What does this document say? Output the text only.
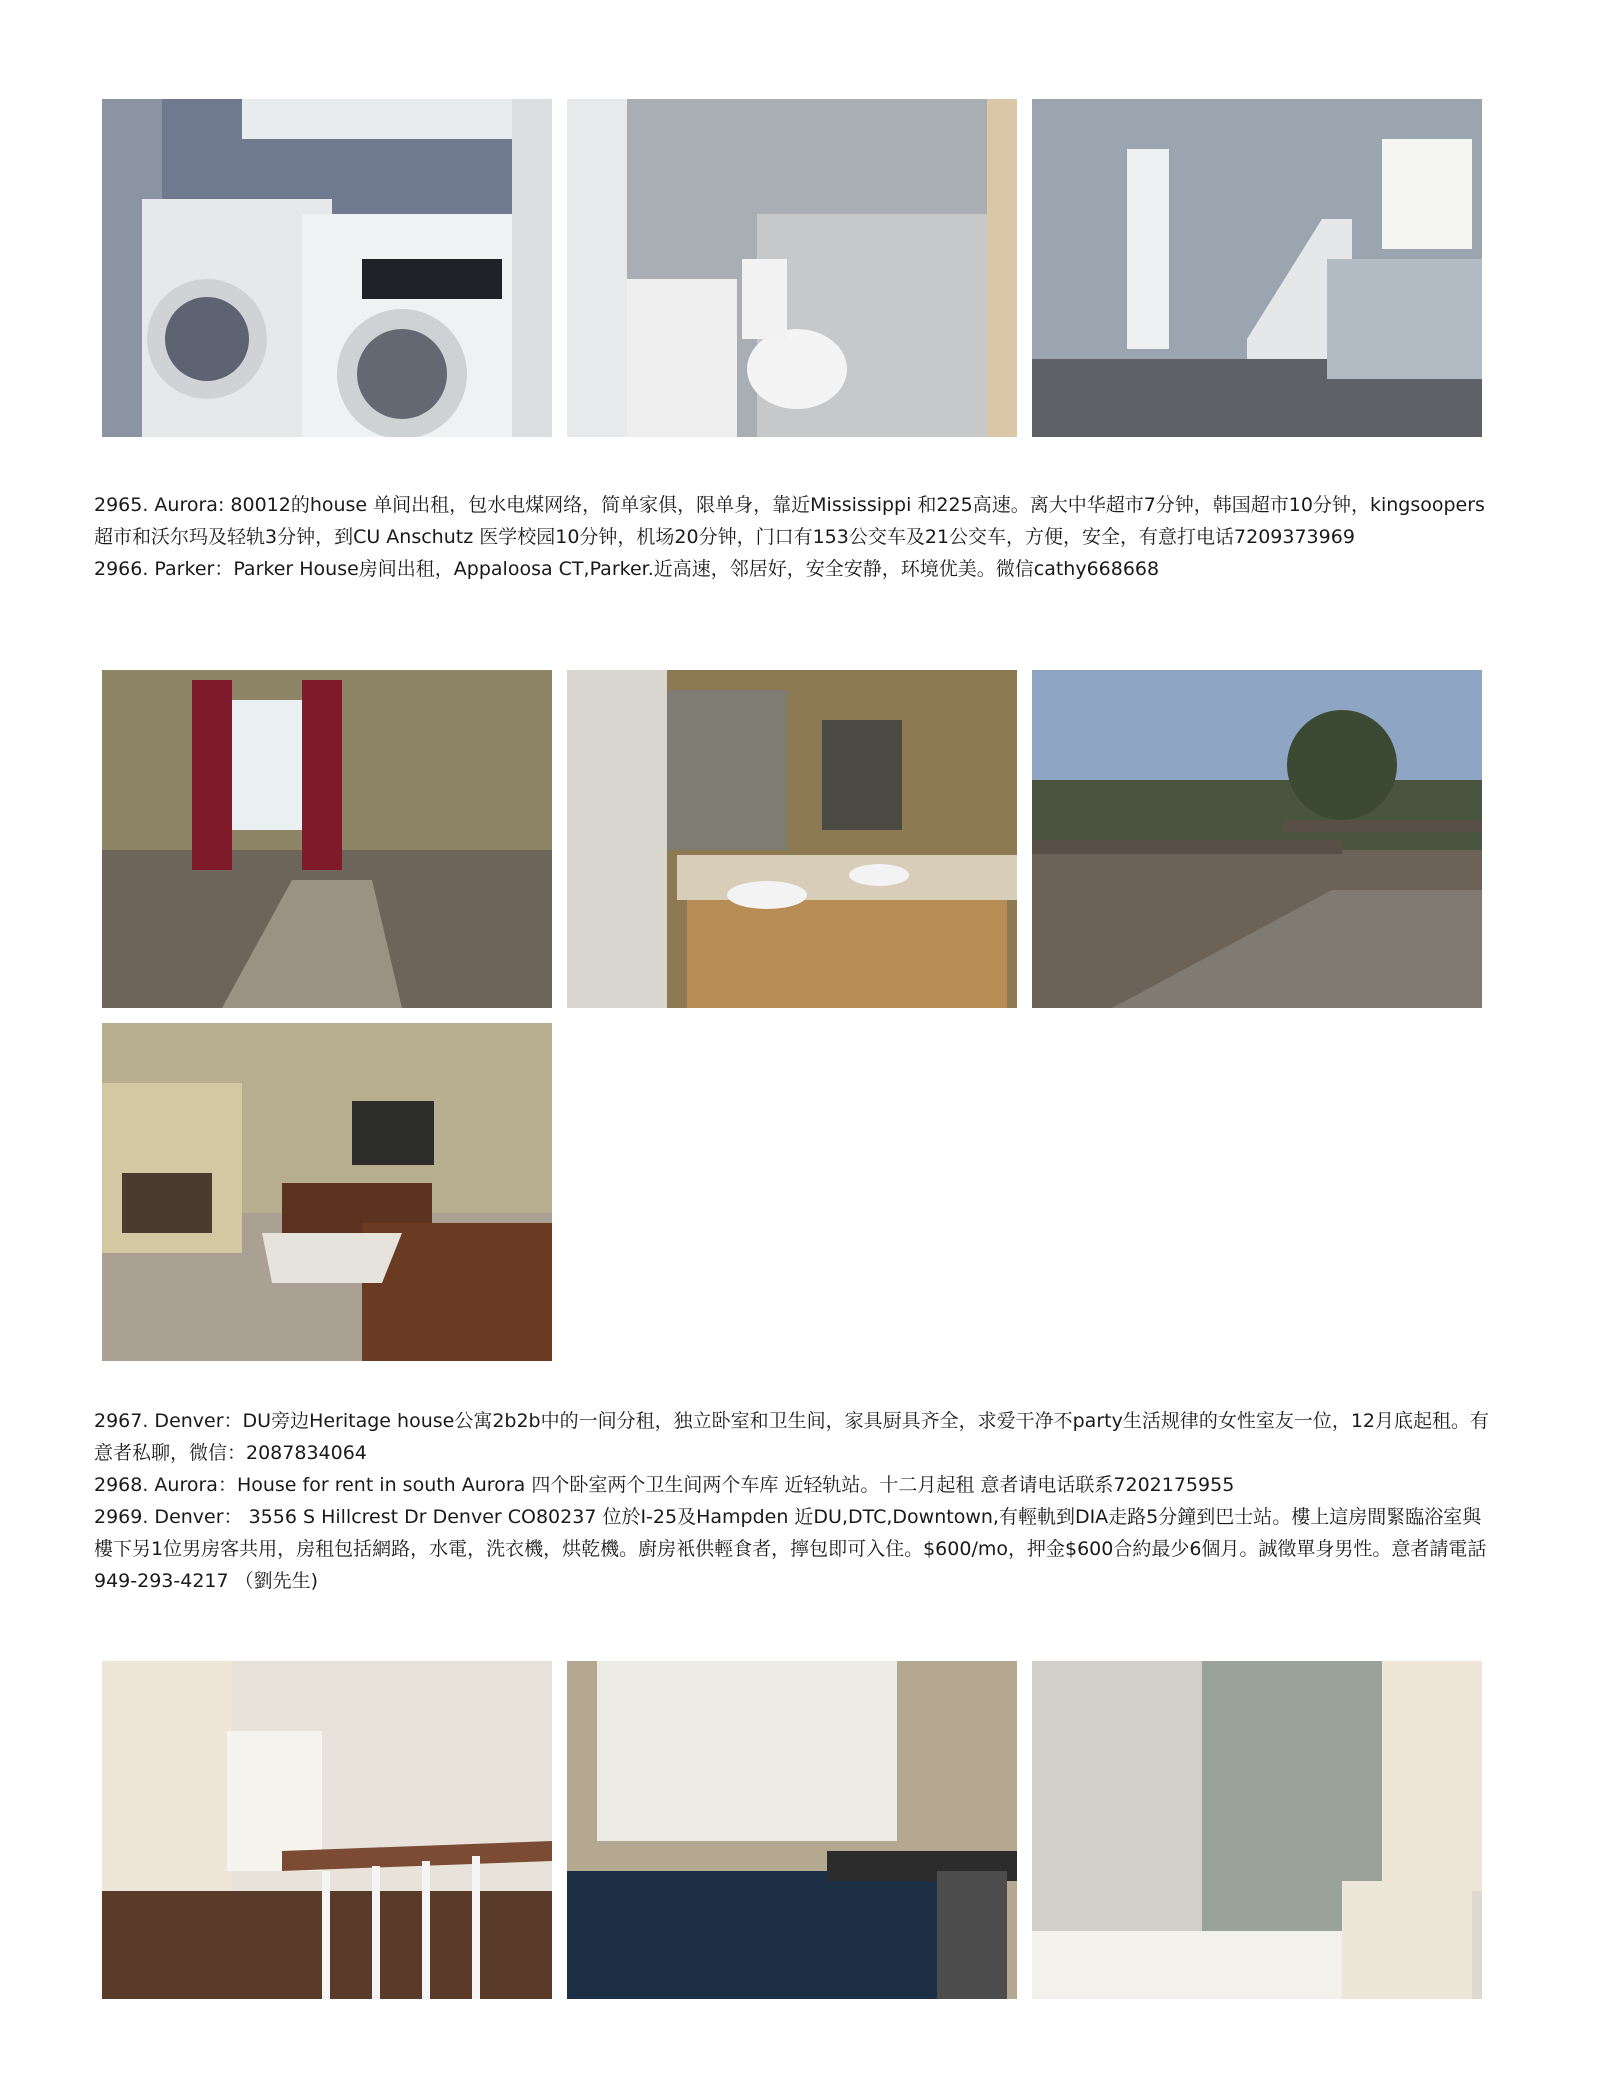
2965. Aurora: 80012的house 单间出租，包水电煤网络，简单家俱，限单身，靠近Mississippi 和225高速。离大中华超市7分钟，韩国超市10分钟，kingsoopers超市和沃尔玛及轻轨3分钟，到CU Anschutz 医学校园10分钟，机场20分钟，门口有153公交车及21公交车，方便，安全，有意打电话7209373969

2966. Parker：Parker House房间出租，Appaloosa CT,Parker.近高速，邻居好，安全安静，环境优美。微信cathy668668

2967. Denver：DU旁边Heritage house公寓2b2b中的一间分租，独立卧室和卫生间，家具厨具齐全，求爱干净不party生活规律的女性室友一位，12月底起租。有意者私聊，微信：2087834064

2968. Aurora：House for rent in south Aurora 四个卧室两个卫生间两个车库 近轻轨站。十二月起租 意者请电话联系7202175955

2969. Denver： 3556 S Hillcrest Dr Denver CO80237 位於I-25及Hampden 近DU,DTC,Downtown,有輕軌到DIA走路5分鐘到巴士站。樓上這房間緊臨浴室與樓下另1位男房客共用，房租包括網路，水電，洗衣機，烘乾機。廚房衹供輕食者，擰包即可入住。$600/mo，押金$600合約最少6個月。誠徵單身男性。意者請電話949-293-4217 （劉先生)
